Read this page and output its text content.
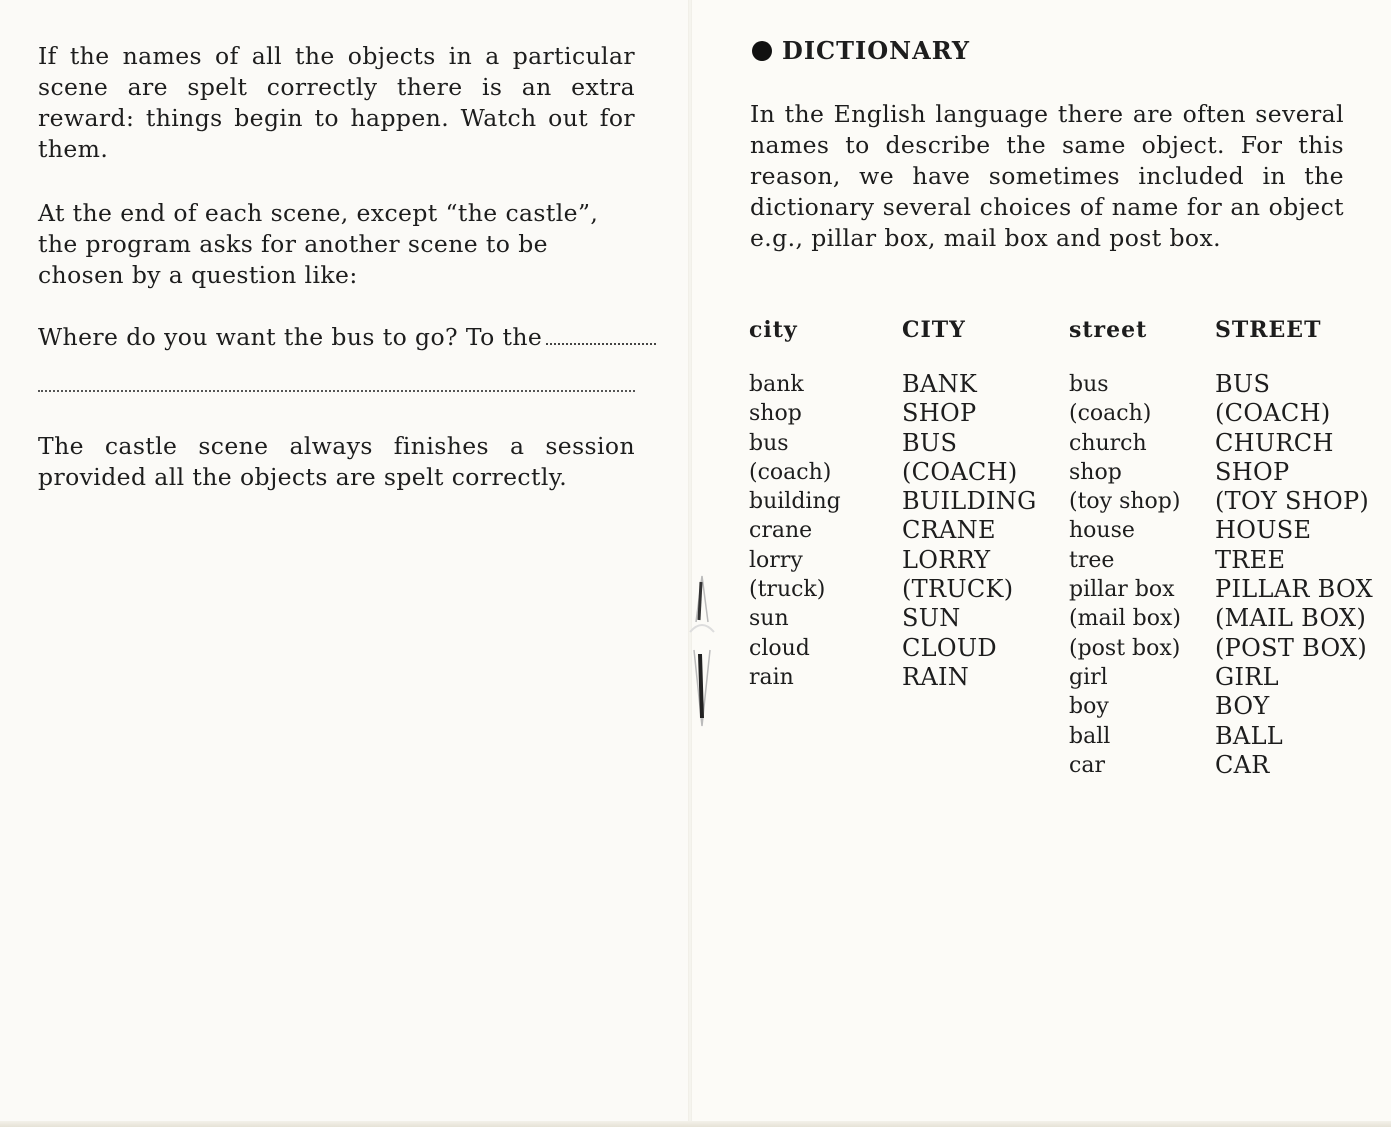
If the names of all the objects in a particular scene are spelt correctly there is an extra reward: things begin to happen. Watch out for them.

At the end of each scene, except “the castle”, the program asks for another scene to be chosen by a question like:

Where do you want the bus to go? To the

The castle scene always finishes a session provided all the objects are spelt correctly.

DICTIONARY

In the English language there are often several names to describe the same object. For this reason, we have sometimes included in the dictionary several choices of name for an object e.g., pillar box, mail box and post box.

city
bank
shop
bus
(coach)
building
crane
lorry
(truck)
sun
cloud
rain
CITY
BANK
SHOP
BUS
(COACH)
BUILDING
CRANE
LORRY
(TRUCK)
SUN
CLOUD
RAIN
street
bus
(coach)
church
shop
(toy shop)
house
tree
pillar box
(mail box)
(post box)
girl
boy
ball
car
STREET
BUS
(COACH)
CHURCH
SHOP
(TOY SHOP)
HOUSE
TREE
PILLAR BOX
(MAIL BOX)
(POST BOX)
GIRL
BOY
BALL
CAR
